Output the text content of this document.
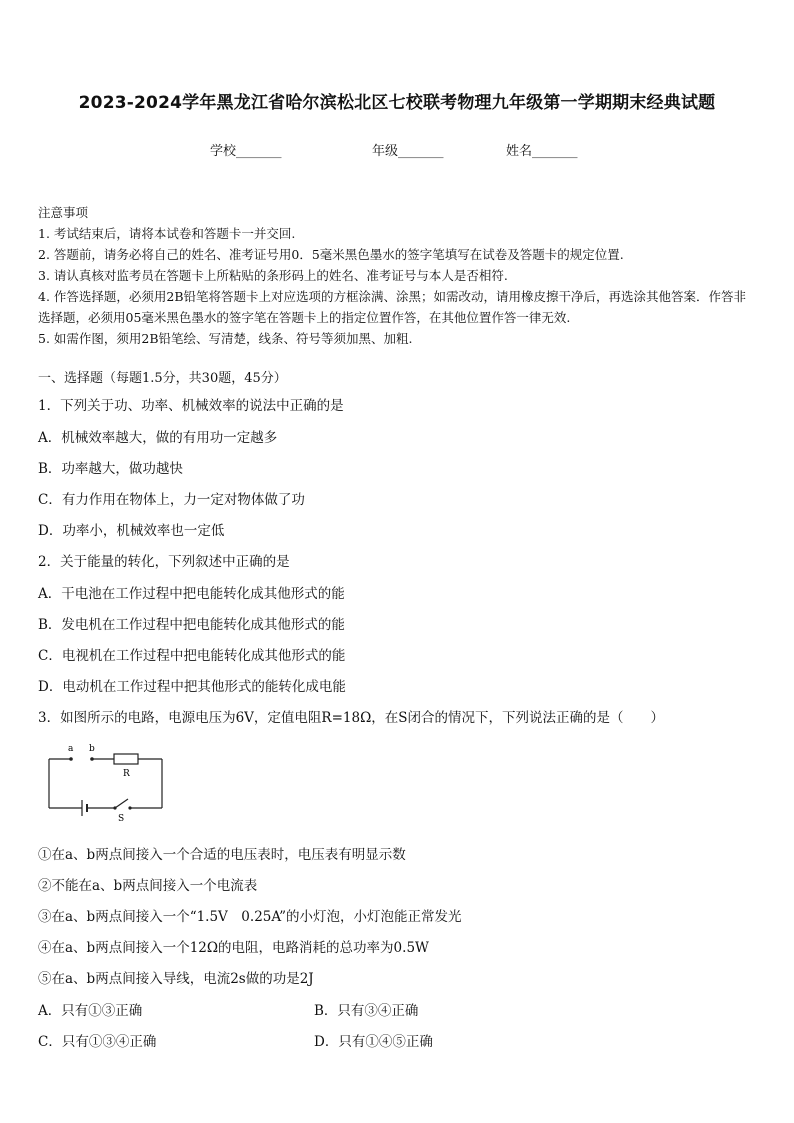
2023-2024学年黑龙江省哈尔滨松北区七校联考物理九年级第一学期期末经典试题
学校_______	年级_______	姓名_______
注意事项
1. 考试结束后，请将本试卷和答题卡一并交回.
2. 答题前，请务必将自己的姓名、准考证号用0．5毫米黑色墨水的签字笔填写在试卷及答题卡的规定位置.
3. 请认真核对监考员在答题卡上所粘贴的条形码上的姓名、准考证号与本人是否相符.
4. 作答选择题，必须用2B铅笔将答题卡上对应选项的方框涂满、涂黑；如需改动，请用橡皮擦干净后，再选涂其他答案．作答非选择题，必须用05毫米黑色墨水的签字笔在答题卡上的指定位置作答，在其他位置作答一律无效.
5. 如需作图，须用2B铅笔绘、写清楚，线条、符号等须加黑、加粗.
一、选择题（每题1.5分，共30题，45分）
1．下列关于功、功率、机械效率的说法中正确的是
A．机械效率越大，做的有用功一定越多
B．功率越大，做功越快
C．有力作用在物体上，力一定对物体做了功
D．功率小，机械效率也一定低
2．关于能量的转化，下列叙述中正确的是
A．干电池在工作过程中把电能转化成其他形式的能
B．发电机在工作过程中把电能转化成其他形式的能
C．电视机在工作过程中把电能转化成其他形式的能
D．电动机在工作过程中把其他形式的能转化成电能
3．如图所示的电路，电源电压为6V，定值电阻R=18Ω，在S闭合的情况下，下列说法正确的是（　　）
a b
R
S
①在a、b两点间接入一个合适的电压表时，电压表有明显示数
②不能在a、b两点间接入一个电流表
③在a、b两点间接入一个“1.5V　0.25A”的小灯泡，小灯泡能正常发光
④在a、b两点间接入一个12Ω的电阻，电路消耗的总功率为0.5W
⑤在a、b两点间接入导线，电流2s做的功是2J
A．只有①③正确	B．只有③④正确
C．只有①③④正确	D．只有①④⑤正确
